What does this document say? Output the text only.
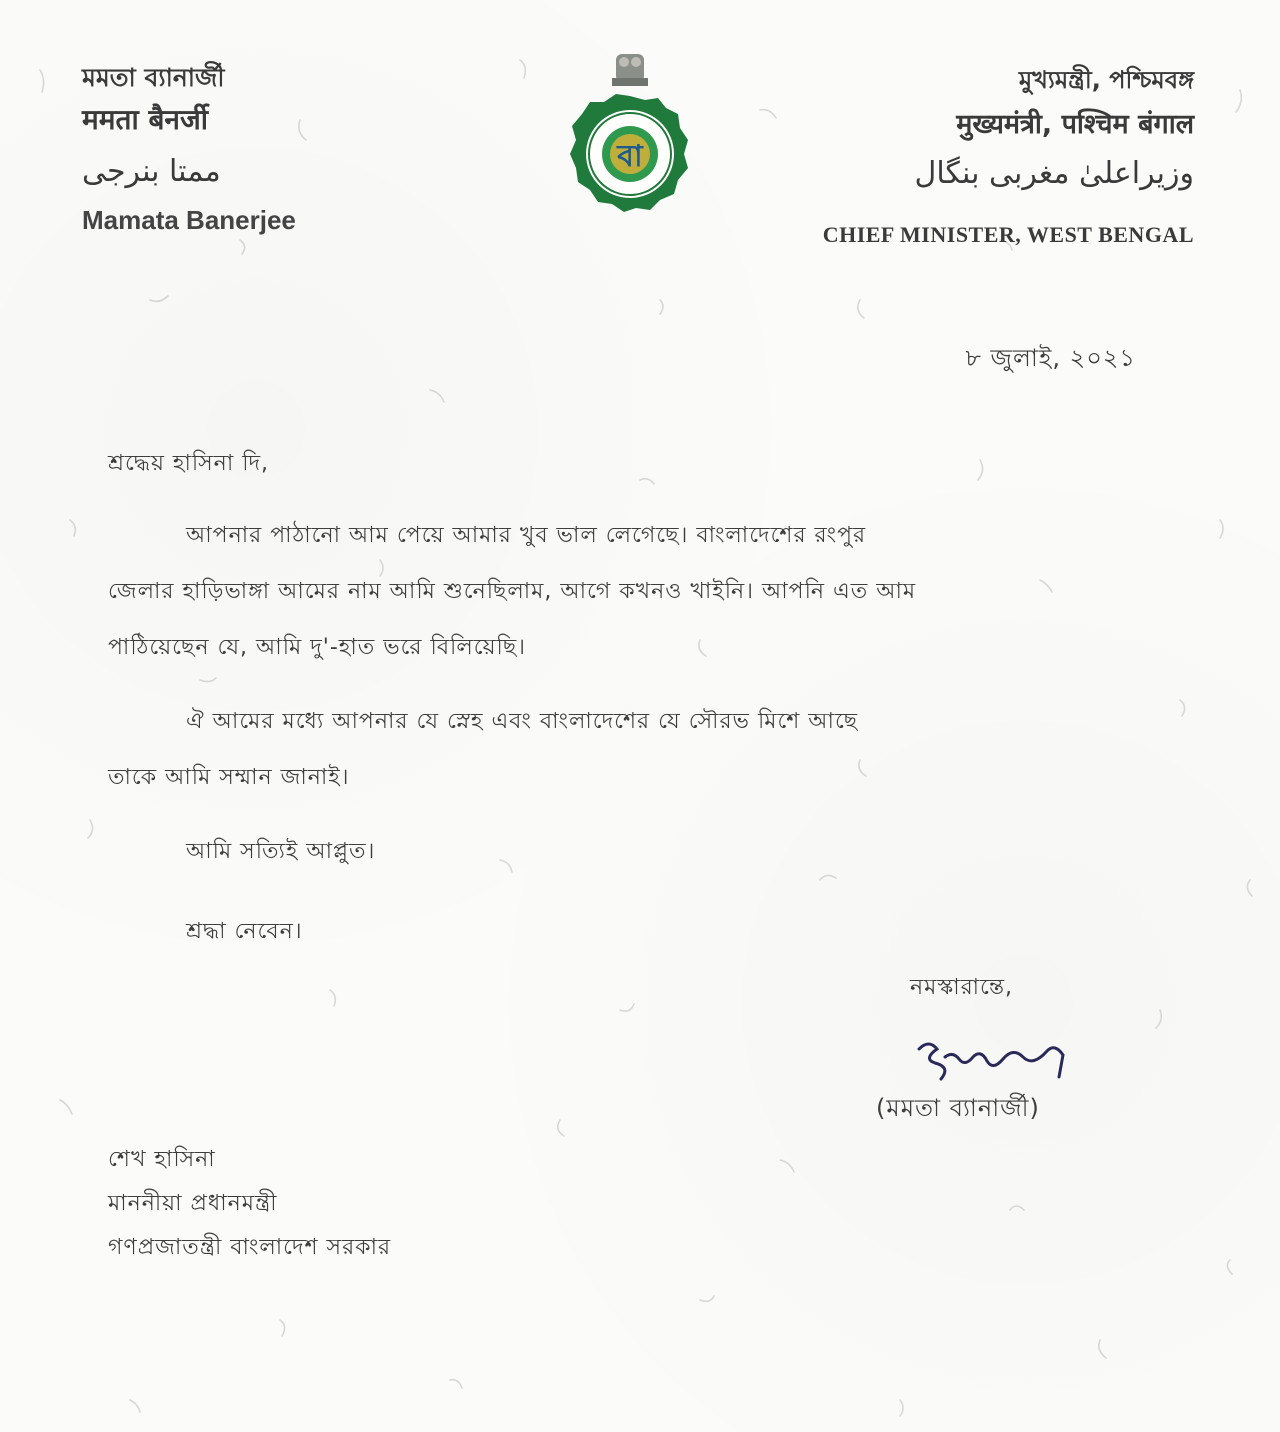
মমতা ব্যানার্জী
ममता बैनर्जी
ممتا بنرجی
Mamata Banerjee
বা
মুখ্যমন্ত্রী, পশ্চিমবঙ্গ
मुख्यमंत्री, पश्चिम बंगाल
وزیراعلیٰ مغربی بنگال
CHIEF MINISTER, WEST BENGAL
৮ জুলাই, ২০২১
শ্রদ্ধেয় হাসিনা দি,
আপনার পাঠানো আম পেয়ে আমার খুব ভাল লেগেছে। বাংলাদেশের রংপুর
জেলার হাড়িভাঙ্গা আমের নাম আমি শুনেছিলাম, আগে কখনও খাইনি। আপনি এত আম
পাঠিয়েছেন যে, আমি দু'-হাত ভরে বিলিয়েছি।
ঐ আমের মধ্যে আপনার যে স্নেহ এবং বাংলাদেশের যে সৌরভ মিশে আছে
তাকে আমি সম্মান জানাই।
আমি সত্যিই আপ্লুত।
শ্রদ্ধা নেবেন।
নমস্কারান্তে,
(মমতা ব্যানার্জী)
শেখ হাসিনা
মাননীয়া প্রধানমন্ত্রী
গণপ্রজাতন্ত্রী বাংলাদেশ সরকার
